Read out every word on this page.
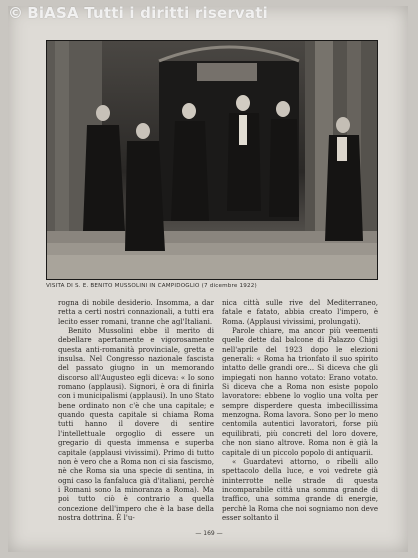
© BiASA Tutti i diritti riservati
VISITA DI S. E. BENITO MUSSOLINI IN CAMPIDOGLIO (7 dicembre 1922)

rogna di nobile desiderio. Insomma, a dar retta a certi nostri connazionali, a tutti era lecito esser romani, tranne che agl'Italiani.

Benito Mussolini ebbe il merito di debellare apertamente e vigorosamente questa anti-romanità provinciale, gretta e insulsa. Nel Congresso nazionale fascista del passato giugno in un memorando discorso all'Augusteo egli diceva: « Io sono romano (applausi). Signori, è ora di finirla con i municipalismi (applausi). In uno Stato bene ordinato non c'è che una capitale; e quando questa capitale si chiama Roma tutti hanno il dovere di sentire l'intellettuale orgoglio di essere un gregario di questa immensa e superba capitale (applausi vivissimi). Primo di tutto non è vero che a Roma non ci sia fascismo, nè che Roma sia una specie di sentina, in ogni caso la fanfaluca già d'italiani, perchè i Romani sono la minoranza a Roma). Ma poi tutto ciò è contrario a quella concezione dell'impero che è la base della nostra dottrina. È l'u-

nica città sulle rive del Mediterraneo, fatale e fatato, abbia creato l'impero, è Roma. (Applausi vivissimi, prolungati).

Parole chiare, ma ancor più veementi quelle dette dal balcone di Palazzo Chigi nell'aprile del 1923 dopo le elezioni generali: « Roma ha trionfato il suo spirito intatto delle grandi ore... Si diceva che gli impiegati non hanno votato: Erano votato. Si diceva che a Roma non esiste popolo lavoratore: ebbene lo voglio una volta per sempre disperdere questa imbecillissima menzogna. Roma lavora. Sono per lo meno centomila autentici lavoratori, forse più equilibrati, più concreti del loro dovere, che non siano altrove. Roma non è già la capitale di un piccolo popolo di antiquarii.

« Guardatevi attorno, o ribelli allo spettacolo della luce, e voi vedrete già ininterrotte nelle strade di questa incomparabile città una somma grande di traffico, una somma grande di energie, perchè la Roma che noi sogniamo non deve esser soltanto il

— 169 —
